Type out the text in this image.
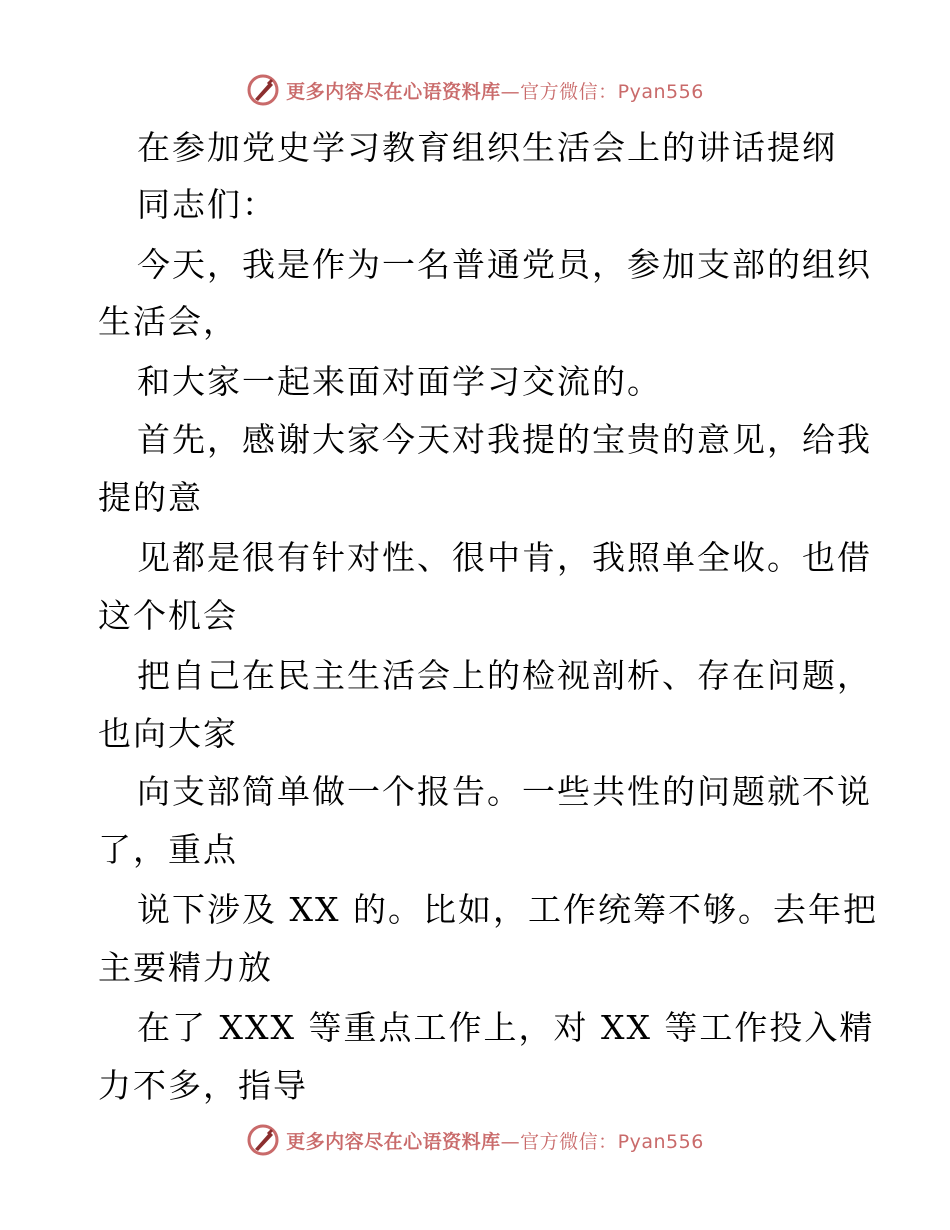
更多内容尽在心语资料库—官方微信：Pyan556
在参加党史学习教育组织生活会上的讲话提纲
同志们：
今天，我是作为一名普通党员，参加支部的组织
生活会，
和大家一起来面对面学习交流的。
首先，感谢大家今天对我提的宝贵的意见，给我
提的意
见都是很有针对性、很中肯，我照单全收。也借
这个机会
把自己在民主生活会上的检视剖析、存在问题，
也向大家
向支部简单做一个报告。一些共性的问题就不说
了，重点
说下涉及 XX 的。比如，工作统筹不够。去年把
主要精力放
在了 XXX 等重点工作上，对 XX 等工作投入精
力不多，指导
更多内容尽在心语资料库—官方微信：Pyan556
